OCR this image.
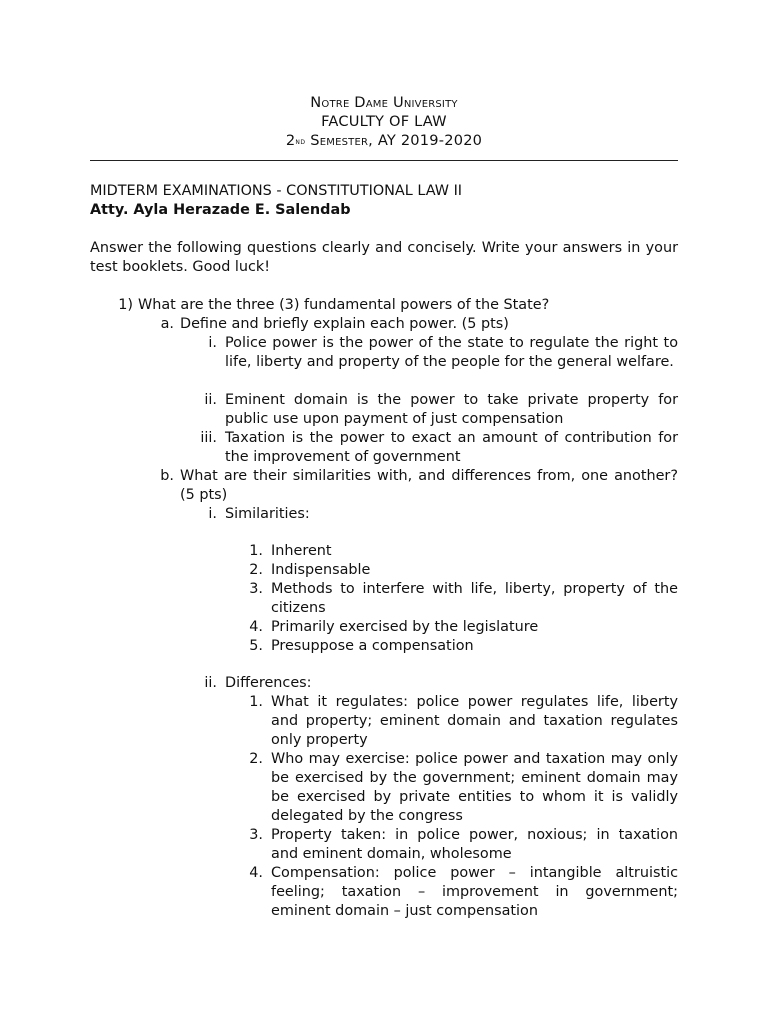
Notre Dame University
FACULTY OF LAW
2nd Semester, AY 2019-2020
MIDTERM EXAMINATIONS - CONSTITUTIONAL LAW II
Atty. Ayla Herazade E. Salendab
Answer the following questions clearly and concisely. Write your answers in your test booklets. Good luck!
1) What are the three (3) fundamental powers of the State?
a. Define and briefly explain each power. (5 pts)
i. Police power is the power of the state to regulate the right to life, liberty and property of the people for the general welfare.
ii. Eminent domain is the power to take private property for public use upon payment of just compensation
iii. Taxation is the power to exact an amount of contribution for the improvement of government
b. What are their similarities with, and differences from, one another? (5 pts)
i. Similarities:
1. Inherent
2. Indispensable
3. Methods to interfere with life, liberty, property of the citizens
4. Primarily exercised by the legislature
5. Presuppose a compensation
ii. Differences:
1. What it regulates: police power regulates life, liberty and property; eminent domain and taxation regulates only property
2. Who may exercise: police power and taxation may only be exercised by the government; eminent domain may be exercised by private entities to whom it is validly delegated by the congress
3. Property taken: in police power, noxious; in taxation and eminent domain, wholesome
4. Compensation: police power – intangible altruistic feeling; taxation – improvement in government; eminent domain – just compensation
